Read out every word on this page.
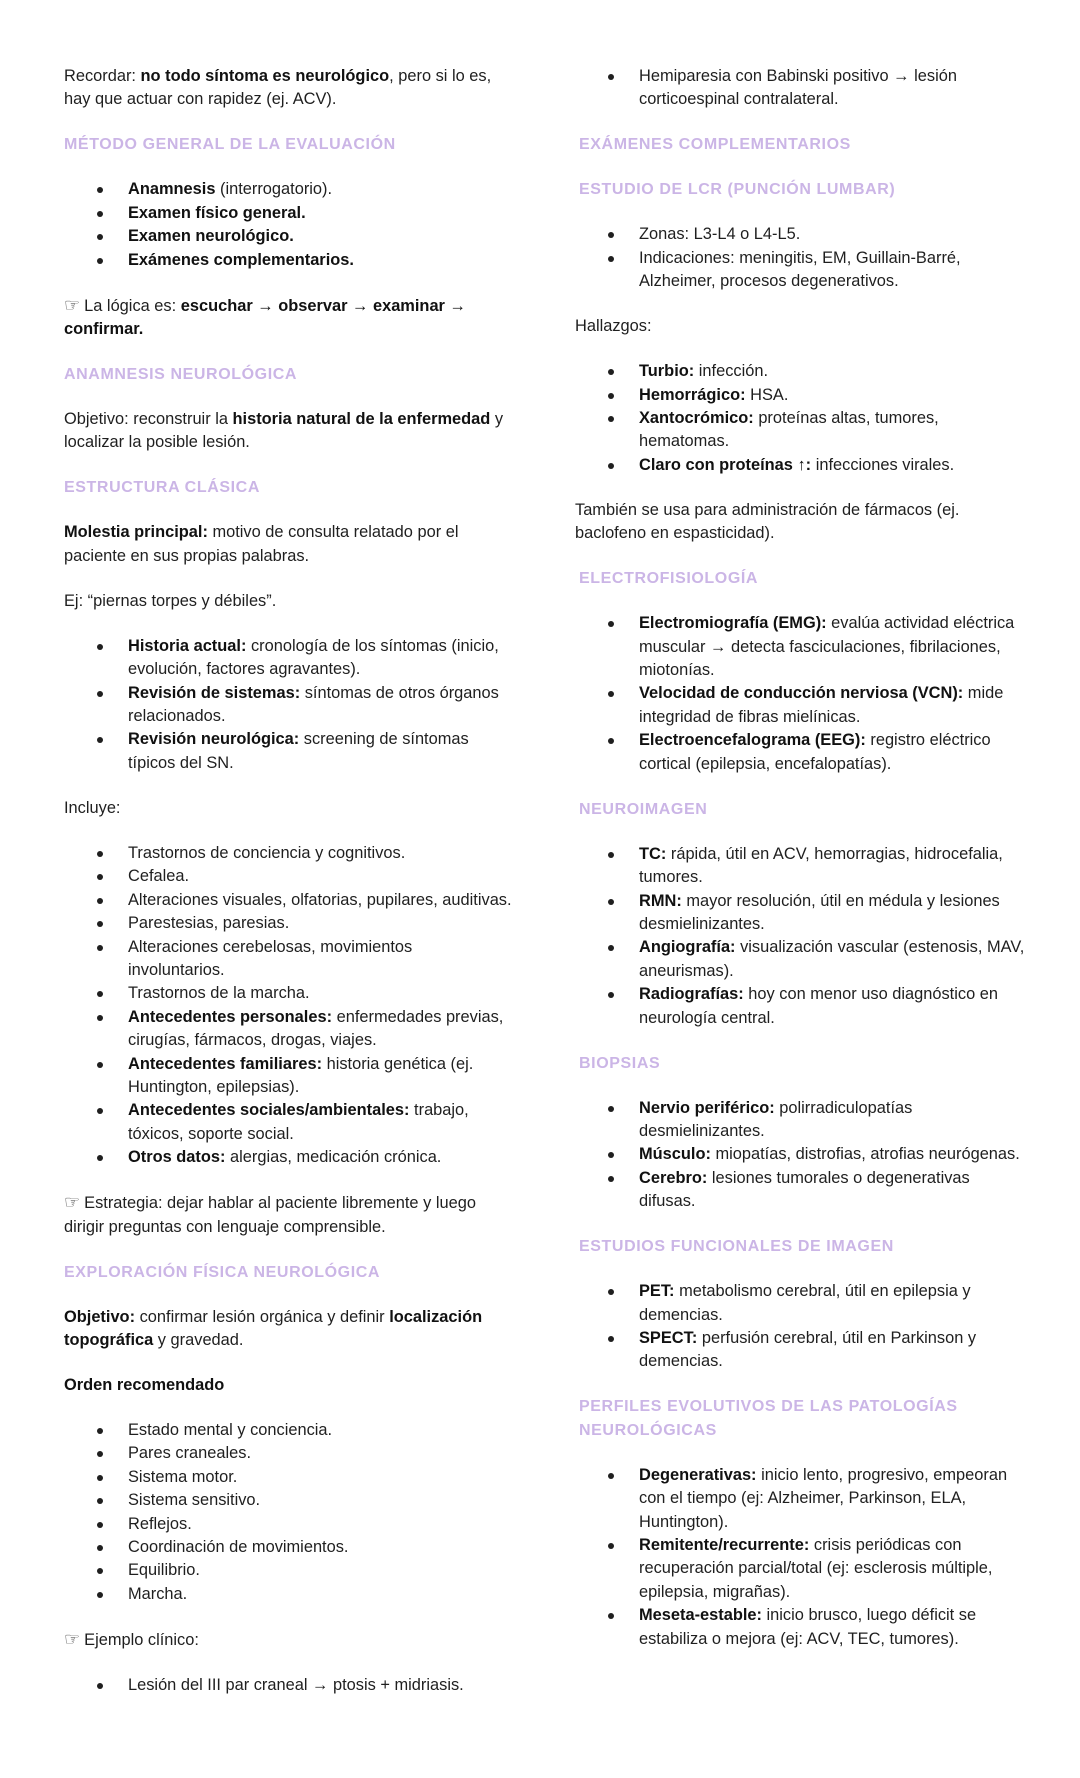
Recordar: no todo síntoma es neurológico, pero si lo es, hay que actuar con rapidez (ej. ACV).

MÉTODO GENERAL DE LA EVALUACIÓN
Anamnesis (interrogatorio).
Examen físico general.
Examen neurológico.
Exámenes complementarios.

☞ La lógica es: escuchar → observar → examinar → confirmar.

ANAMNESIS NEUROLÓGICA

Objetivo: reconstruir la historia natural de la enfermedad y localizar la posible lesión.

ESTRUCTURA CLÁSICA

Molestia principal: motivo de consulta relatado por el paciente en sus propias palabras.

Ej: “piernas torpes y débiles”.

Historia actual: cronología de los síntomas (inicio, evolución, factores agravantes).
Revisión de sistemas: síntomas de otros órganos relacionados.
Revisión neurológica: screening de síntomas típicos del SN.

Incluye:

Trastornos de conciencia y cognitivos.
Cefalea.
Alteraciones visuales, olfatorias, pupilares, auditivas.
Parestesias, paresias.
Alteraciones cerebelosas, movimientos involuntarios.
Trastornos de la marcha.
Antecedentes personales: enfermedades previas, cirugías, fármacos, drogas, viajes.
Antecedentes familiares: historia genética (ej. Huntington, epilepsias).
Antecedentes sociales/ambientales: trabajo, tóxicos, soporte social.
Otros datos: alergias, medicación crónica.

☞ Estrategia: dejar hablar al paciente libremente y luego dirigir preguntas con lenguaje comprensible.

EXPLORACIÓN FÍSICA NEUROLÓGICA

Objetivo: confirmar lesión orgánica y definir localización topográfica y gravedad.

Orden recomendado

Estado mental y conciencia.
Pares craneales.
Sistema motor.
Sistema sensitivo.
Reflejos.
Coordinación de movimientos.
Equilibrio.
Marcha.

☞ Ejemplo clínico:

Lesión del III par craneal → ptosis + midriasis.
Hemiparesia con Babinski positivo → lesión corticoespinal contralateral.
EXÁMENES COMPLEMENTARIOS
ESTUDIO DE LCR (PUNCIÓN LUMBAR)
Zonas: L3-L4 o L4-L5.
Indicaciones: meningitis, EM, Guillain-Barré, Alzheimer, procesos degenerativos.

Hallazgos:

Turbio: infección.
Hemorrágico: HSA.
Xantocrómico: proteínas altas, tumores, hematomas.
Claro con proteínas ↑: infecciones virales.

También se usa para administración de fármacos (ej. baclofeno en espasticidad).

ELECTROFISIOLOGÍA
Electromiografía (EMG): evalúa actividad eléctrica muscular → detecta fasciculaciones, fibrilaciones, miotonías.
Velocidad de conducción nerviosa (VCN): mide integridad de fibras mielínicas.
Electroencefalograma (EEG): registro eléctrico cortical (epilepsia, encefalopatías).
NEUROIMAGEN
TC: rápida, útil en ACV, hemorragias, hidrocefalia, tumores.
RMN: mayor resolución, útil en médula y lesiones desmielinizantes.
Angiografía: visualización vascular (estenosis, MAV, aneurismas).
Radiografías: hoy con menor uso diagnóstico en neurología central.
BIOPSIAS
Nervio periférico: polirradiculopatías desmielinizantes.
Músculo: miopatías, distrofias, atrofias neurógenas.
Cerebro: lesiones tumorales o degenerativas difusas.
ESTUDIOS FUNCIONALES DE IMAGEN
PET: metabolismo cerebral, útil en epilepsia y demencias.
SPECT: perfusión cerebral, útil en Parkinson y demencias.
PERFILES EVOLUTIVOS DE LAS PATOLOGÍAS NEUROLÓGICAS
Degenerativas: inicio lento, progresivo, empeoran con el tiempo (ej: Alzheimer, Parkinson, ELA, Huntington).
Remitente/recurrente: crisis periódicas con recuperación parcial/total (ej: esclerosis múltiple, epilepsia, migrañas).
Meseta-estable: inicio brusco, luego déficit se estabiliza o mejora (ej: ACV, TEC, tumores).
